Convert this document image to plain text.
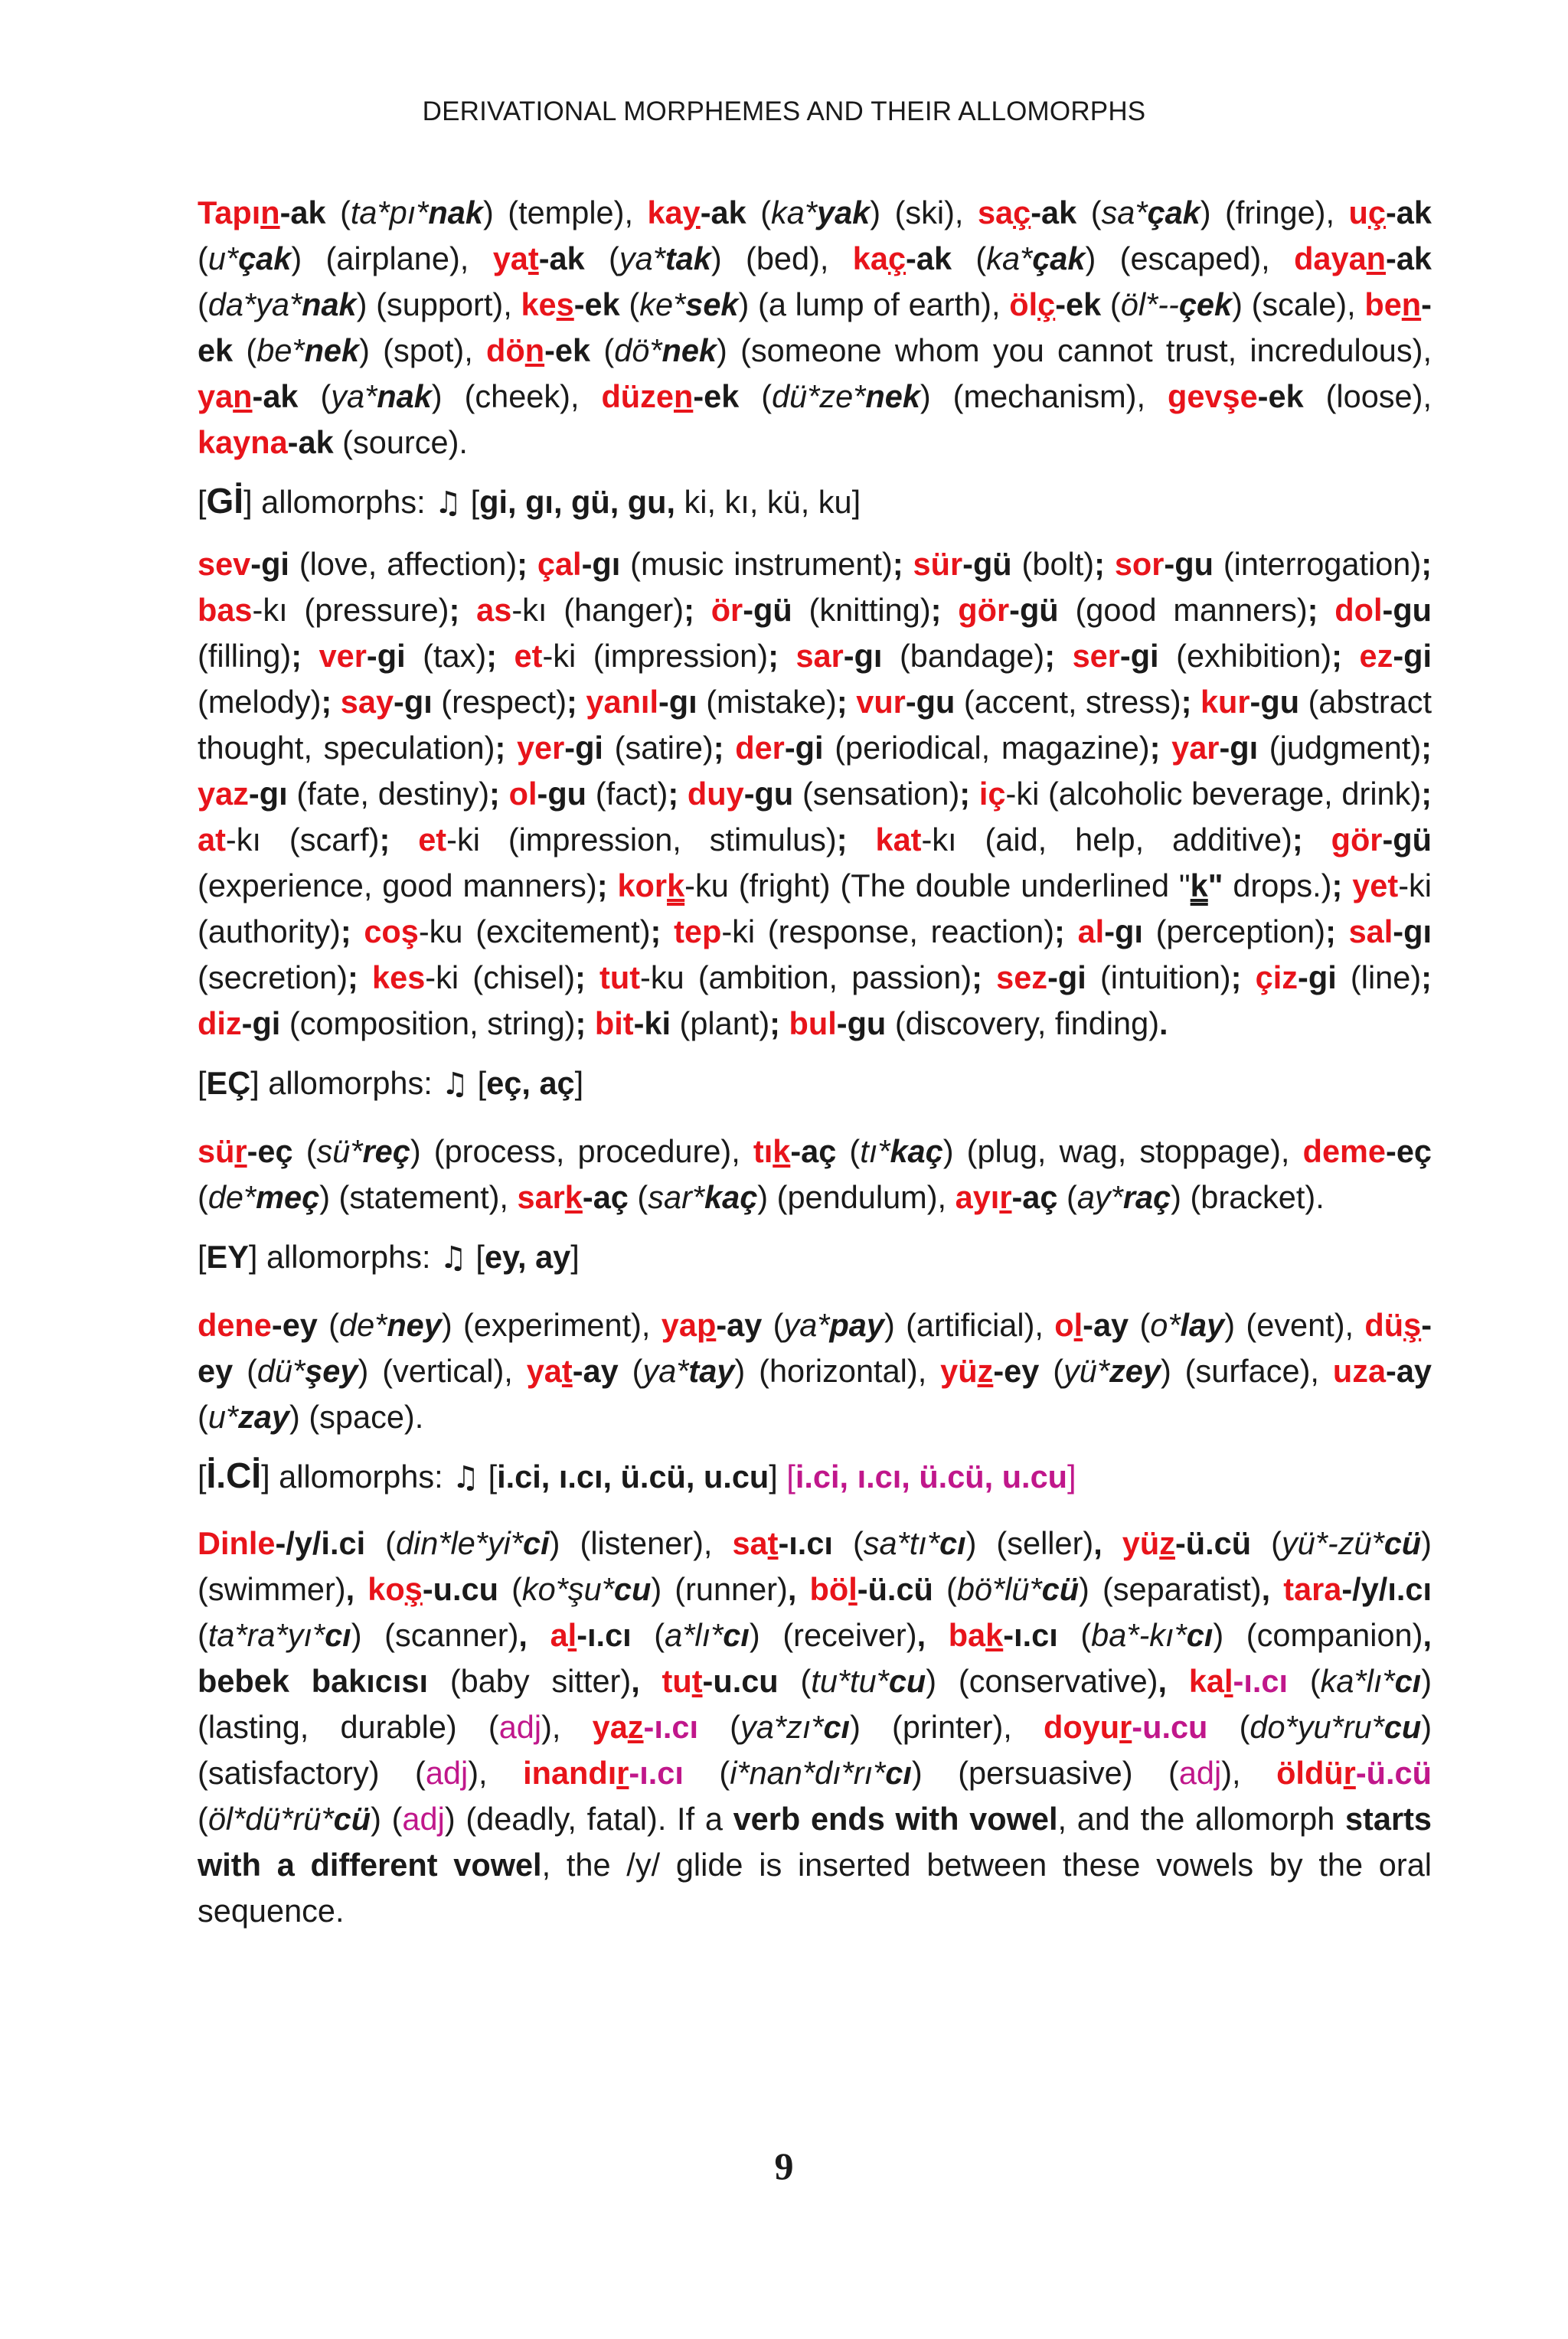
DERIVATIONAL MORPHEMES AND THEIR ALLOMORPHS

Tapın-ak (ta*pı*nak) (temple), kay-ak (ka*yak) (ski), saç-ak (sa*çak) (fringe), uç-ak (u*çak) (airplane), yat-ak (ya*tak) (bed), kaç-ak (ka*çak) (escaped), dayan-ak (da*ya*nak) (support), kes-ek (ke*sek) (a lump of earth), ölç-ek (öl*--çek) (scale), ben-ek (be*nek) (spot), dön-ek (dö*nek) (someone whom you cannot trust, incredulous), yan-ak (ya*nak) (cheek), düzen-ek (dü*ze*nek) (mechanism), gevşe-ek (loose), kayna-ak (source).

[Gİ] allomorphs: ♫ [gi, gı, gü, gu, ki, kı, kü, ku]

sev-gi (love, affection); çal-gı (music instrument); sür-gü (bolt); sor-gu (interrogation); bas-kı (pressure); as-kı (hanger); ör-gü (knitting); gör-gü (good manners); dol-gu (filling); ver-gi (tax); et-ki (impression); sar-gı (bandage); ser-gi (exhibition); ez-gi (melody); say-gı (respect); yanıl-gı (mistake); vur-gu (accent, stress); kur-gu (abstract thought, speculation); yer-gi (satire); der-gi (periodical, magazine); yar-gı (judgment); yaz-gı (fate, destiny); ol-gu (fact); duy-gu (sensation); iç-ki (alcoholic beverage, drink); at-kı (scarf); et-ki (impression, stimulus); kat-kı (aid, help, additive); gör-gü (experience, good manners); kork-ku (fright) (The double underlined "k" drops.); yet-ki (authority); coş-ku (excitement); tep-ki (response, reaction); al-gı (perception); sal-gı (secretion); kes-ki (chisel); tut-ku (ambition, passion); sez-gi (intuition); çiz-gi (line); diz-gi (composition, string); bit-ki (plant); bul-gu (discovery, finding).

[EÇ] allomorphs: ♫ [eç, aç]

sür-eç (sü*reç) (process, procedure), tık-aç (tı*kaç) (plug, wag, stoppage), deme-eç (de*meç) (statement), sark-aç (sar*kaç) (pendulum), ayır-aç (ay*raç) (bracket).

[EY] allomorphs: ♫ [ey, ay]

dene-ey (de*ney) (experiment), yap-ay (ya*pay) (artificial), ol-ay (o*lay) (event), düş-ey (dü*şey) (vertical), yat-ay (ya*tay) (horizontal), yüz-ey (yü*zey) (surface), uza-ay (u*zay) (space).

[İ.Cİ] allomorphs: ♫ [i.ci, ı.cı, ü.cü, u.cu] [i.ci, ı.cı, ü.cü, u.cu]

Dinle-/y/i.ci (din*le*yi*ci) (listener), sat-ı.cı (sa*tı*cı) (seller), yüz-ü.cü (yü*-zü*cü) (swimmer), koş-u.cu (ko*şu*cu) (runner), böl-ü.cü (bö*lü*cü) (separatist), tara-/y/ı.cı (ta*ra*yı*cı) (scanner), al-ı.cı (a*lı*cı) (receiver), bak-ı.cı (ba*-kı*cı) (companion), bebek bakıcısı (baby sitter), tut-u.cu (tu*tu*cu) (conservative), kal-ı.cı (ka*lı*cı) (lasting, durable) (adj), yaz-ı.cı (ya*zı*cı) (printer), doyur-u.cu (do*yu*ru*cu) (satisfactory) (adj), inandır-ı.cı (i*nan*dı*rı*cı) (persuasive) (adj), öldür-ü.cü (öl*dü*rü*cü) (adj) (deadly, fatal). If a verb ends with vowel, and the allomorph starts with a different vowel, the /y/ glide is inserted between these vowels by the oral sequence.

9
